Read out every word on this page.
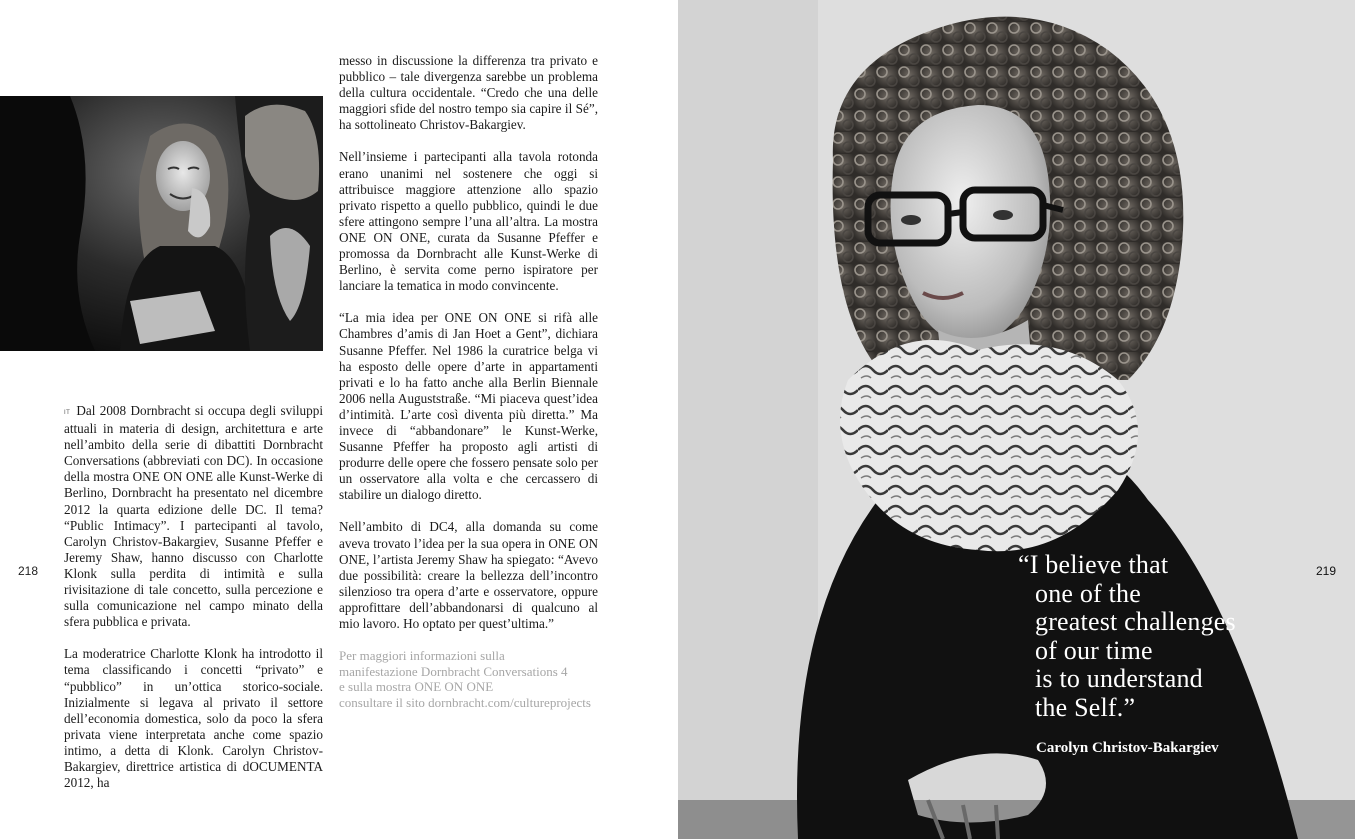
IT Dal 2008 Dornbracht si occupa degli sviluppi attuali in materia di design, architettura e arte nell’ambito della serie di dibattiti Dornbracht Conversations (abbreviati con DC). In occasione della mostra ONE ON ONE alle Kunst-Werke di Berlino, Dornbracht ha presentato nel dicembre 2012 la quarta edizione delle DC. Il tema? “Public Intimacy”. I partecipanti al tavolo, Carolyn Christov-Bakargiev, Susanne Pfeffer e Jeremy Shaw, hanno discusso con Charlotte Klonk sulla perdita di intimità e sulla rivisitazione di tale concetto, sulla percezione e sulla comunicazione nel campo minato della sfera pubblica e privata.

La moderatrice Charlotte Klonk ha introdotto il tema classificando i concetti “privato” e “pubblico” in un’ottica storico-sociale. Inizialmente si legava al privato il settore dell’economia domestica, solo da poco la sfera privata viene interpretata anche come spazio intimo, a detta di Klonk. Carolyn Christov-Bakargiev, direttrice artistica di dOCUMENTA 2012, ha

messo in discussione la differenza tra privato e pubblico – tale divergenza sarebbe un problema della cultura occidentale. “Credo che una delle maggiori sfide del nostro tempo sia capire il Sé”, ha sottolineato Christov-Bakargiev.

Nell’insieme i partecipanti alla tavola rotonda erano unanimi nel sostenere che oggi si attribuisce maggiore attenzione allo spazio privato rispetto a quello pubblico, quindi le due sfere attingono sempre l’una all’altra. La mostra ONE ON ONE, curata da Susanne Pfeffer e promossa da Dornbracht alle Kunst-Werke di Berlino, è servita come perno ispiratore per lanciare la tematica in modo convincente.

“La mia idea per ONE ON ONE si rifà alle Chambres d’amis di Jan Hoet a Gent”, dichiara Susanne Pfeffer. Nel 1986 la curatrice belga vi ha esposto delle opere d’arte in appartamenti privati e lo ha fatto anche alla Berlin Biennale 2006 nella Auguststraße. “Mi piaceva quest’idea d’intimità. L’arte così diventa più diretta.” Ma invece di “abbandonare” le Kunst-Werke, Susanne Pfeffer ha proposto agli artisti di produrre delle opere che fossero pensate solo per un osservatore alla volta e che cercassero di stabilire un dialogo diretto.

Nell’ambito di DC4, alla domanda su come aveva trovato l’idea per la sua opera in ONE ON ONE, l’artista Jeremy Shaw ha spiegato: “Avevo due possibilità: creare la bellezza dell’incontro silenzioso tra opera d’arte e osservatore, oppure approfittare dell’abbandonarsi di qualcuno al mio lavoro. Ho optato per quest’ultima.”

Per maggiori informazioni sulla
manifestazione Dornbracht Conversations 4
e sulla mostra ONE ON ONE
consultare il sito dornbracht.com/cultureprojects

218	“I believe that
one of the
greatest challenges
of our time
is to understand
the Self.”

Carolyn Christov-Bakargiev

219
